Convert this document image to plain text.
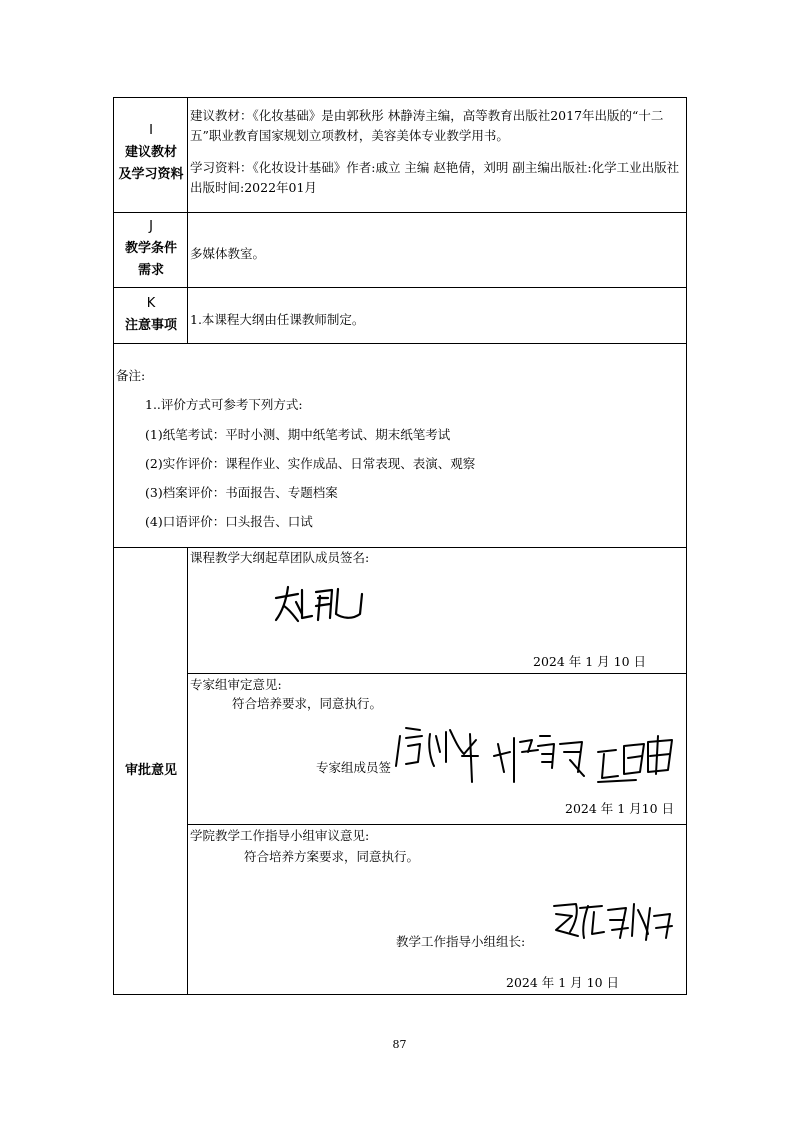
I
建议教材
及学习资料
建议教材：《化妆基础》是由郭秋彤 林静涛主编，高等教育出版社2017年出版的“十二五”职业教育国家规划立项教材，美容美体专业教学用书。
学习资料：《化妆设计基础》作者:戚立 主编 赵艳倩，刘明 副主编出版社:化学工业出版社出版时间:2022年01月
J
教学条件
需求
多媒体教室。
K
注意事项	1.本课程大纲由任课教师制定。
备注:
1..评价方式可参考下列方式:
(1)纸笔考试：平时小测、期中纸笔考试、期末纸笔考试
(2)实作评价：课程作业、实作成品、日常表现、表演、观察
(3)档案评价：书面报告、专题档案
(4)口语评价：口头报告、口试
审批意见
课程教学大纲起草团队成员签名:
2024 年 1 月 10 日
专家组审定意见:
符合培养要求，同意执行。
专家组成员签
2024 年 1 月10 日
学院教学工作指导小组审议意见:
符合培养方案要求，同意执行。
教学工作指导小组组长:
2024 年 1 月 10 日
87
